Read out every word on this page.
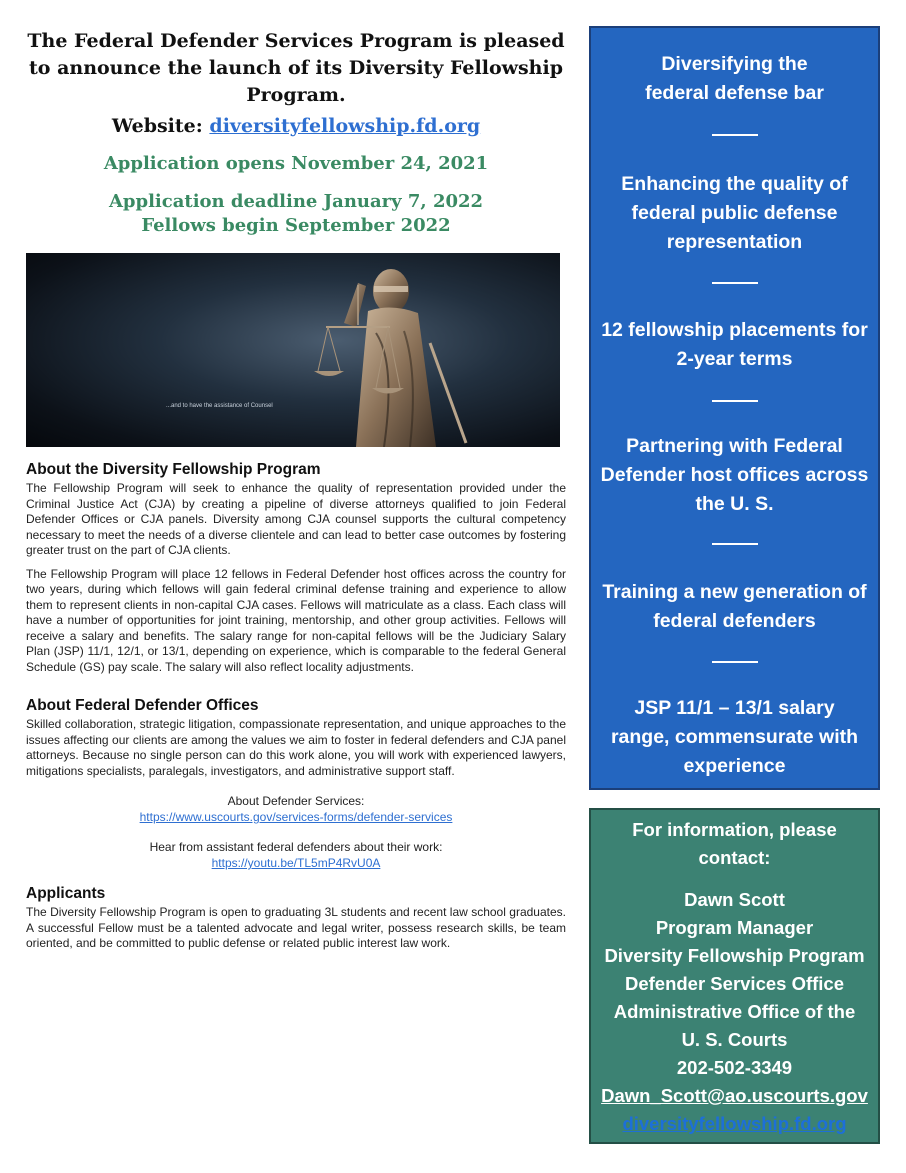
The Federal Defender Services Program is pleased to announce the launch of its Diversity Fellowship Program.

Website: diversityfellowship.fd.org
Application opens November 24, 2021
Application deadline January 7, 2022
Fellows begin September 2022
...and to have the assistance of Counsel
About the Diversity Fellowship Program

The Fellowship Program will seek to enhance the quality of representation provided under the Criminal Justice Act (CJA) by creating a pipeline of diverse attorneys qualified to join Federal Defender Offices or CJA panels. Diversity among CJA counsel supports the cultural competency necessary to meet the needs of a diverse clientele and can lead to better case outcomes by fostering greater trust on the part of CJA clients.

The Fellowship Program will place 12 fellows in Federal Defender host offices across the country for two years, during which fellows will gain federal criminal defense training and experience to allow them to represent clients in non-capital CJA cases. Fellows will matriculate as a class. Each class will have a number of opportunities for joint training, mentorship, and other group activities. Fellows will receive a salary and benefits. The salary range for non-capital fellows will be the Judiciary Salary Plan (JSP) 11/1, 12/1, or 13/1, depending on experience, which is comparable to the federal General Schedule (GS) pay scale. The salary will also reflect locality adjustments.

About Federal Defender Offices

Skilled collaboration, strategic litigation, compassionate representation, and unique approaches to the issues affecting our clients are among the values we aim to foster in federal defenders and CJA panel attorneys. Because no single person can do this work alone, you will work with experienced lawyers, mitigations specialists, paralegals, investigators, and administrative support staff.

About Defender Services:
https://www.uscourts.gov/services-forms/defender-services
Hear from assistant federal defenders about their work:
https://youtu.be/TL5mP4RvU0A
Applicants

The Diversity Fellowship Program is open to graduating 3L students and recent law school graduates. A successful Fellow must be a talented advocate and legal writer, possess research skills, be team oriented, and be committed to public defense or related public interest law work.

Diversifying the federal defense bar
Enhancing the quality of federal public defense representation
12 fellowship placements for 2-year terms
Partnering with Federal Defender host offices across the U. S.
Training a new generation of federal defenders
JSP 11/1 – 13/1 salary range, commensurate with experience
For information, please contact:
Dawn Scott
Program Manager
Diversity Fellowship Program
Defender Services Office
Administrative Office of the
U. S. Courts
202-502-3349
Dawn_Scott@ao.uscourts.gov
diversityfellowship.fd.org
